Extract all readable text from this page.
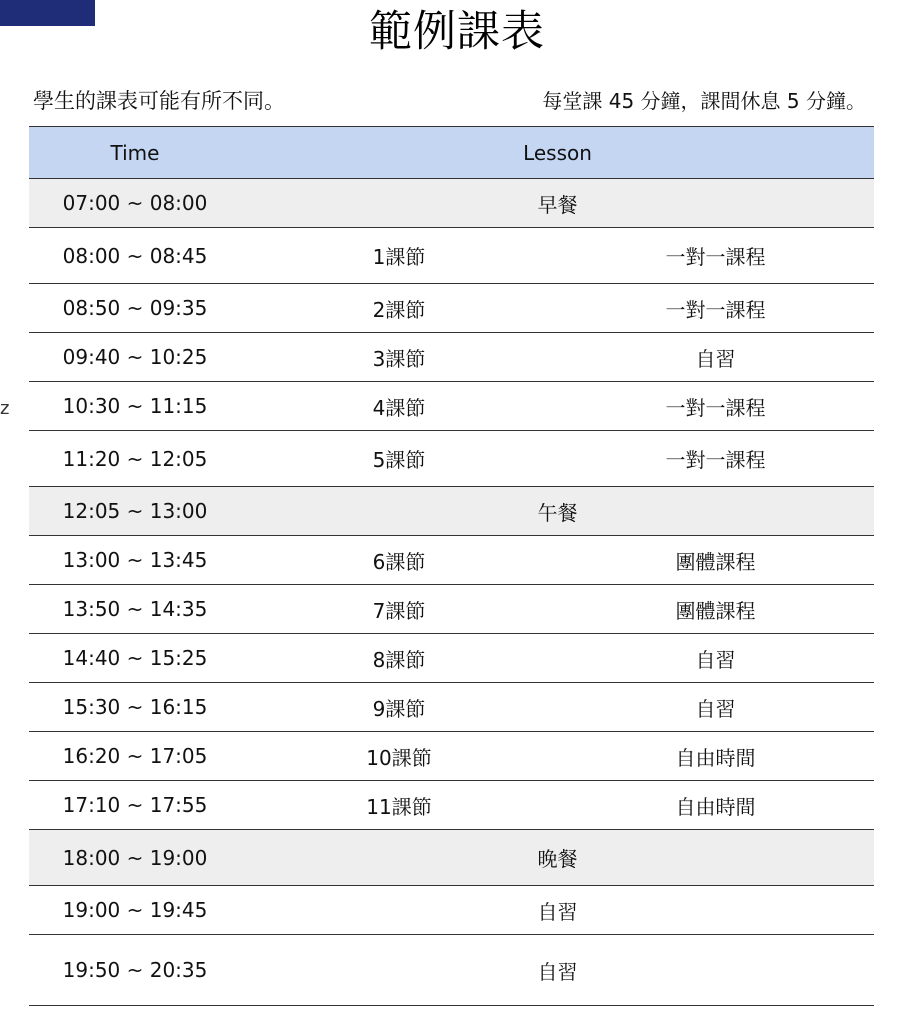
z
範例課表
學生的課表可能有所不同。	每堂課 45 分鐘，課間休息 5 分鐘。
Time	Lesson	
07:00 ~ 08:00	早餐	
08:00 ~ 08:45	1課節	一對一課程
08:50 ~ 09:35	2課節	一對一課程
09:40 ~ 10:25	3課節	自習
10:30 ~ 11:15	4課節	一對一課程
11:20 ~ 12:05	5課節	一對一課程
12:05 ~ 13:00	午餐	
13:00 ~ 13:45	6課節	團體課程
13:50 ~ 14:35	7課節	團體課程
14:40 ~ 15:25	8課節	自習
15:30 ~ 16:15	9課節	自習
16:20 ~ 17:05	10課節	自由時間
17:10 ~ 17:55	11課節	自由時間
18:00 ~ 19:00	晚餐	
19:00 ~ 19:45	自習	
19:50 ~ 20:35	自習	
